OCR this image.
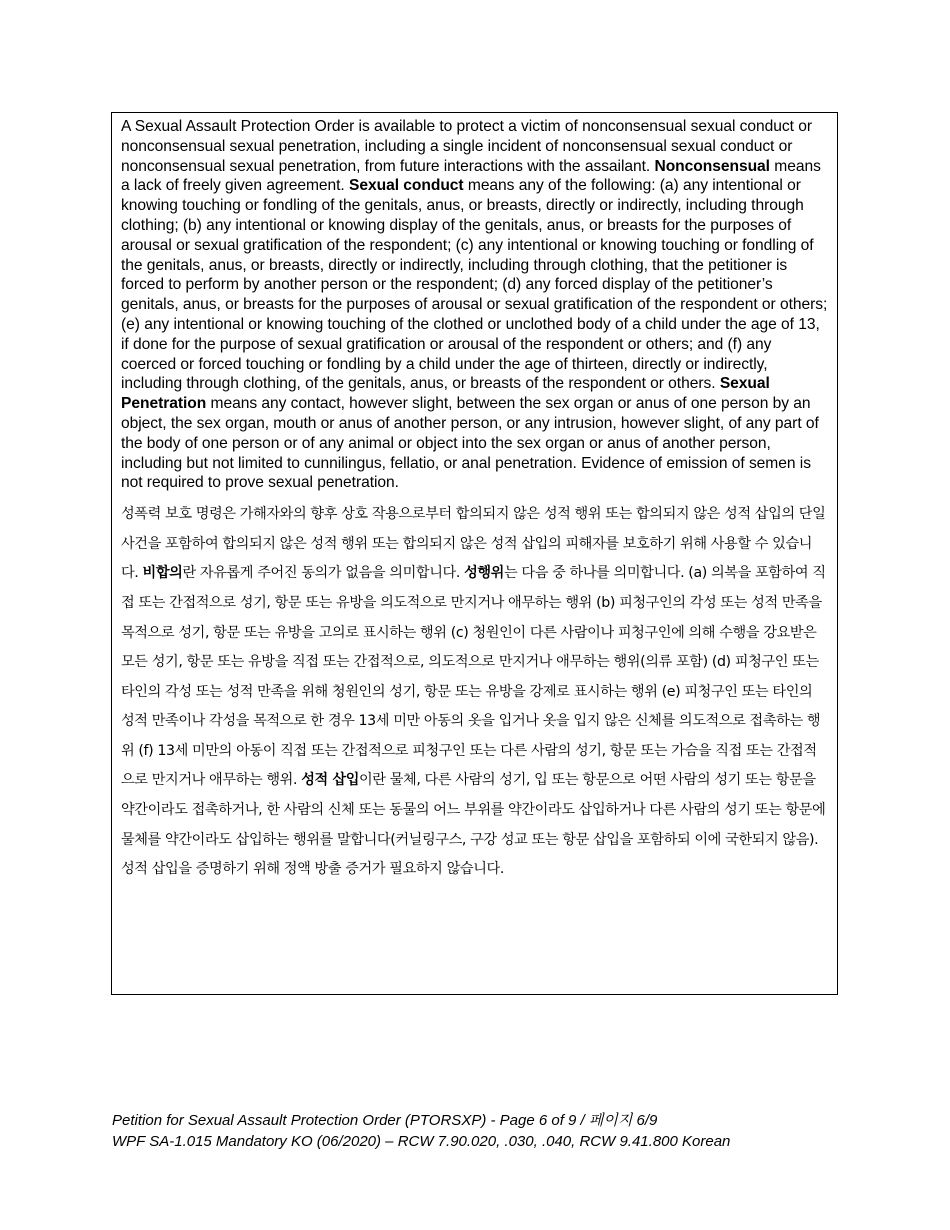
A Sexual Assault Protection Order is available to protect a victim of nonconsensual sexual conduct or nonconsensual sexual penetration, including a single incident of nonconsensual sexual conduct or nonconsensual sexual penetration, from future interactions with the assailant. Nonconsensual means a lack of freely given agreement. Sexual conduct means any of the following: (a) any intentional or knowing touching or fondling of the genitals, anus, or breasts, directly or indirectly, including through clothing; (b) any intentional or knowing display of the genitals, anus, or breasts for the purposes of arousal or sexual gratification of the respondent; (c) any intentional or knowing touching or fondling of the genitals, anus, or breasts, directly or indirectly, including through clothing, that the petitioner is forced to perform by another person or the respondent; (d) any forced display of the petitioner’s genitals, anus, or breasts for the purposes of arousal or sexual gratification of the respondent or others; (e) any intentional or knowing touching of the clothed or unclothed body of a child under the age of 13, if done for the purpose of sexual gratification or arousal of the respondent or others; and (f) any coerced or forced touching or fondling by a child under the age of thirteen, directly or indirectly, including through clothing, of the genitals, anus, or breasts of the respondent or others. Sexual Penetration means any contact, however slight, between the sex organ or anus of one person by an object, the sex organ, mouth or anus of another person, or any intrusion, however slight, of any part of the body of one person or of any animal or object into the sex organ or anus of another person, including but not limited to cunnilingus, fellatio, or anal penetration. Evidence of emission of semen is not required to prove sexual penetration.

성폭력 보호 명령은 가해자와의 향후 상호 작용으로부터 합의되지 않은 성적 행위 또는 합의되지 않은 성적 삽입의 단일 사건을 포함하여 합의되지 않은 성적 행위 또는 합의되지 않은 성적 삽입의 피해자를 보호하기 위해 사용할 수 있습니다. 비합의란 자유롭게 주어진 동의가 없음을 의미합니다. 성행위는 다음 중 하나를 의미합니다. (a) 의복을 포함하여 직접 또는 간접적으로 성기, 항문 또는 유방을 의도적으로 만지거나 애무하는 행위 (b) 피청구인의 각성 또는 성적 만족을 목적으로 성기, 항문 또는 유방을 고의로 표시하는 행위 (c) 청원인이 다른 사람이나 피청구인에 의해 수행을 강요받은 모든 성기, 항문 또는 유방을 직접 또는 간접적으로, 의도적으로 만지거나 애무하는 행위(의류 포함) (d) 피청구인 또는 타인의 각성 또는 성적 만족을 위해 청원인의 성기, 항문 또는 유방을 강제로 표시하는 행위 (e) 피청구인 또는 타인의 성적 만족이나 각성을 목적으로 한 경우 13세 미만 아동의 옷을 입거나 옷을 입지 않은 신체를 의도적으로 접촉하는 행위 (f) 13세 미만의 아동이 직접 또는 간접적으로 피청구인 또는 다른 사람의 성기, 항문 또는 가슴을 직접 또는 간접적으로 만지거나 애무하는 행위. 성적 삽입이란 물체, 다른 사람의 성기, 입 또는 항문으로 어떤 사람의 성기 또는 항문을 약간이라도 접촉하거나, 한 사람의 신체 또는 동물의 어느 부위를 약간이라도 삽입하거나 다른 사람의 성기 또는 항문에 물체를 약간이라도 삽입하는 행위를 말합니다(커닐링구스, 구강 성교 또는 항문 삽입을 포함하되 이에 국한되지 않음). 성적 삽입을 증명하기 위해 정액 방출 증거가 필요하지 않습니다.

Petition for Sexual Assault Protection Order (PTORSXP) - Page 6 of 9 / 페이지 6/9
WPF SA-1.015 Mandatory KO (06/2020) – RCW 7.90.020, .030, .040, RCW 9.41.800 Korean
